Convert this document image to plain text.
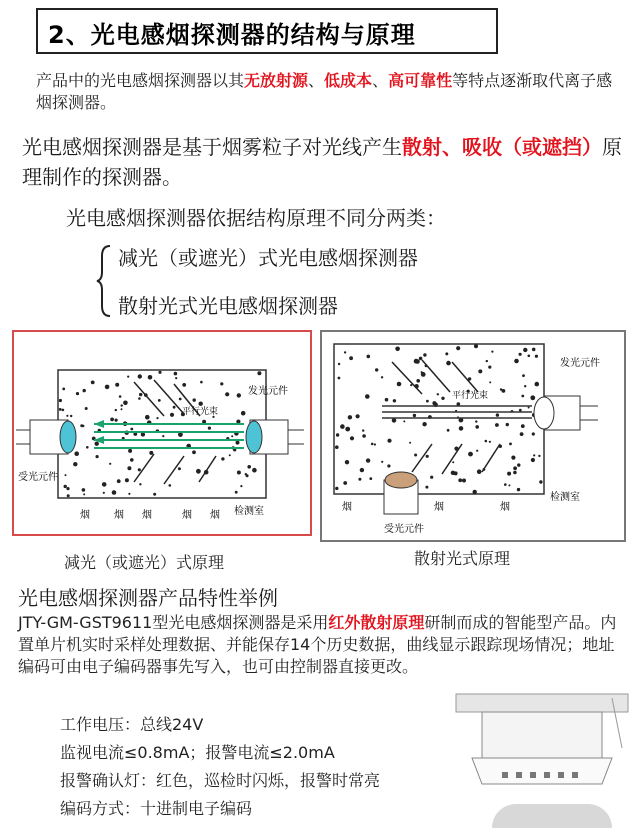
2、光电感烟探测器的结构与原理
产品中的光电感烟探测器以其无放射源、低成本、高可靠性等特点逐渐取代离子感烟探测器。
光电感烟探测器是基于烟雾粒子对光线产生散射、吸收（或遮挡）原理制作的探测器。
光电感烟探测器依据结构原理不同分两类：
减光（或遮光）式光电感烟探测器
散射光式光电感烟探测器
发光元件
受光元件
平行光束
检测室
烟 烟 烟	烟 烟
减光（或遮光）式原理
发光元件
受光元件
平行光束
检测室
烟	烟	烟
散射光式原理
光电感烟探测器产品特性举例
JTY-GM-GST9611型光电感烟探测器是采用红外散射原理研制而成的智能型产品。内置单片机实时采样处理数据、并能保存14个历史数据，曲线显示跟踪现场情况；地址编码可由电子编码器事先写入，也可由控制器直接更改。
工作电压：总线24V
监视电流≤0.8mA；报警电流≤2.0mA
报警确认灯：红色，巡检时闪烁，报警时常亮
编码方式：十进制电子编码
